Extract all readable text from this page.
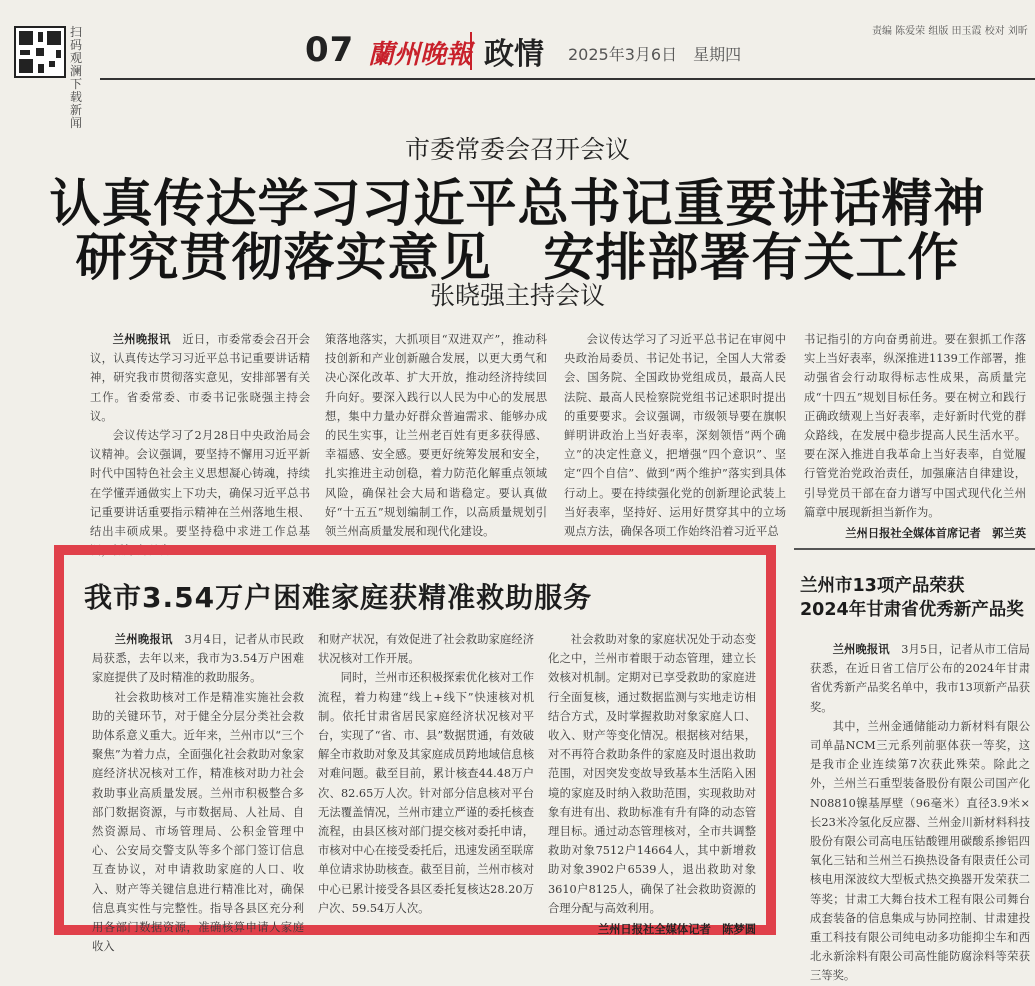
扫码观澜下载新闻
07 蘭州晚報 政情	2025年3月6日　星期四
责编 陈爱荣 组版 田玉霞 校对 刘昕
市委常委会召开会议
认真传达学习习近平总书记重要讲话精神
研究贯彻落实意见　安排部署有关工作
张晓强主持会议

兰州晚报讯　 近日，市委常委会召开会议，认真传达学习习近平总书记重要讲话精神，研究我市贯彻落实意见，安排部署有关工作。省委常委、市委书记张晓强主持会议。

会议传达学习了2月28日中央政治局会议精神。会议强调，要坚持不懈用习近平新时代中国特色社会主义思想凝心铸魂，持续在学懂弄通做实上下功夫，确保习近平总书记重要讲话重要指示精神在兰州落地生根、结出丰硕成果。要坚持稳中求进工作总基调，抓好宏观政

策落地落实，大抓项目“双进双产”，推动科技创新和产业创新融合发展，以更大勇气和决心深化改革、扩大开放，推动经济持续回升向好。要深入践行以人民为中心的发展思想，集中力量办好群众普遍需求、能够办成的民生实事，让兰州老百姓有更多获得感、幸福感、安全感。要更好统筹发展和安全，扎实推进主动创稳，着力防范化解重点领域风险，确保社会大局和谐稳定。要认真做好“十五五”规划编制工作，以高质量规划引领兰州高质量发展和现代化建设。

会议传达学习了习近平总书记在审阅中央政治局委员、书记处书记，全国人大常委会、国务院、全国政协党组成员，最高人民法院、最高人民检察院党组书记述职时提出的重要要求。会议强调，市级领导要在旗帜鲜明讲政治上当好表率，深刻领悟“两个确立”的决定性意义，把增强“四个意识”、坚定“四个自信”、做到“两个维护”落实到具体行动上。要在持续强化党的创新理论武装上当好表率，坚持好、运用好贯穿其中的立场观点方法，确保各项工作始终沿着习近平总

书记指引的方向奋勇前进。要在狠抓工作落实上当好表率，纵深推进1139工作部署，推动强省会行动取得标志性成果，高质量完成“十四五”规划目标任务。要在树立和践行正确政绩观上当好表率，走好新时代党的群众路线，在发展中稳步提高人民生活水平。要在深入推进自我革命上当好表率，自觉履行管党治党政治责任，加强廉洁自律建设，引导党员干部在奋力谱写中国式现代化兰州篇章中展现新担当新作为。
兰州日报社全媒体首席记者　郭兰英
我市3.54万户困难家庭获精准救助服务

兰州晚报讯　 3月4日，记者从市民政局获悉，去年以来，我市为3.54万户困难家庭提供了及时精准的救助服务。

社会救助核对工作是精准实施社会救助的关键环节，对于健全分层分类社会救助体系意义重大。近年来，兰州市以“三个聚焦”为着力点，全面强化社会救助对象家庭经济状况核对工作，精准核对助力社会救助事业高质量发展。兰州市积极整合多部门数据资源，与市数据局、人社局、自然资源局、市场管理局、公积金管理中心、公安局交警支队等多个部门签订信息互查协议，对申请救助家庭的人口、收入、财产等关键信息进行精准比对，确保信息真实性与完整性。指导各县区充分利用各部门数据资源，准确核算申请人家庭收入

和财产状况，有效促进了社会救助家庭经济状况核对工作开展。

同时，兰州市还积极探索优化核对工作流程，着力构建“线上+线下”快速核对机制。依托甘肃省居民家庭经济状况核对平台，实现了“省、市、县”数据贯通，有效破解全市救助对象及其家庭成员跨地域信息核对难问题。截至目前，累计核查44.48万户次、82.65万人次。针对部分信息核对平台无法覆盖情况，兰州市建立严谨的委托核查流程，由县区核对部门提交核对委托申请，市核对中心在接受委托后，迅速发函至联席单位请求协助核查。截至目前，兰州市核对中心已累计接受各县区委托复核达28.20万户次、59.54万人次。

社会救助对象的家庭状况处于动态变化之中，兰州市着眼于动态管理，建立长效核对机制。定期对已享受救助的家庭进行全面复核，通过数据监测与实地走访相结合方式，及时掌握救助对象家庭人口、收入、财产等变化情况。根据核对结果，对不再符合救助条件的家庭及时退出救助范围，对因突发变故导致基本生活陷入困境的家庭及时纳入救助范围，实现救助对象有进有出、救助标准有升有降的动态管理目标。通过动态管理核对，全市共调整救助对象7512户14664人，其中新增救助对象3902户6539人，退出救助对象3610户8125人，确保了社会救助资源的合理分配与高效利用。

兰州日报社全媒体记者　陈梦圆
兰州市13项产品荣获
2024年甘肃省优秀新产品奖

兰州晚报讯　 3月5日，记者从市工信局获悉，在近日省工信厅公布的2024年甘肃省优秀新产品奖名单中，我市13项新产品获奖。

其中，兰州金通储能动力新材料有限公司单晶NCM三元系列前驱体获一等奖，这是我市企业连续第7次获此殊荣。除此之外，兰州兰石重型装备股份有限公司国产化N08810镍基厚壁（96毫米）直径3.9米×长23米冷氢化反应器、兰州金川新材料科技股份有限公司高电压钴酸锂用碳酸系掺铝四氧化三钴和兰州兰石换热设备有限责任公司核电用深波纹大型板式热交换器开发荣获二等奖；甘肃工大舞台技术工程有限公司舞台成套装备的信息集成与协同控制、甘肃建投重工科技有限公司纯电动多功能抑尘车和西北永新涂料有限公司高性能防腐涂料等荣获三等奖。
